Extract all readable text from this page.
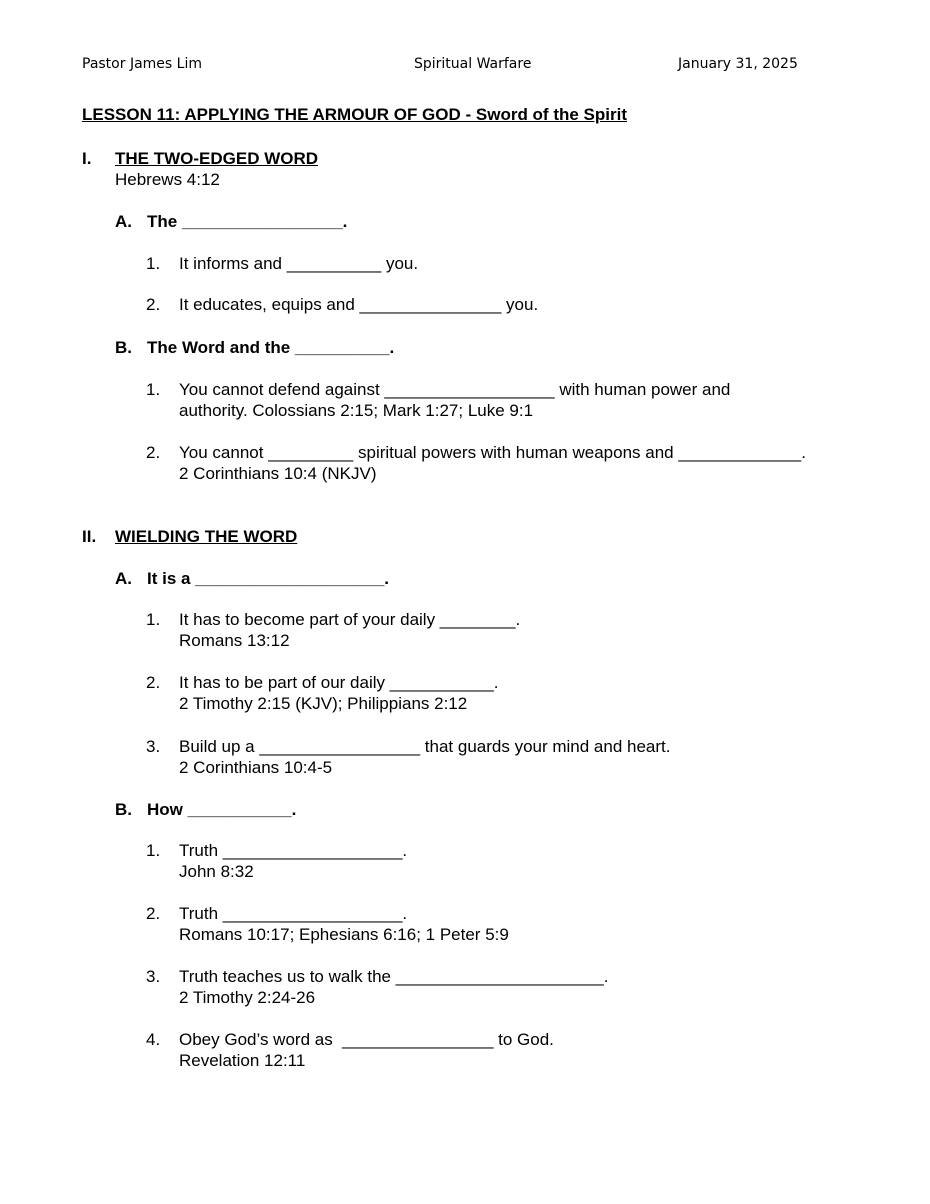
Pastor James Lim	Spiritual Warfare	January 31, 2025
LESSON 11: APPLYING THE ARMOUR OF GOD - Sword of the Spirit
I. THE TWO-EDGED WORD
Hebrews 4:12
A. The _________________.
1. It informs and __________ you.
2. It educates, equips and _______________ you.
B. The Word and the __________.
1. You cannot defend against __________________ with human power and
authority. Colossians 2:15; Mark 1:27; Luke 9:1
2. You cannot _________ spiritual powers with human weapons and _____________.
2 Corinthians 10:4 (NKJV)
II. WIELDING THE WORD
A. It is a ____________________.
1. It has to become part of your daily ________.
Romans 13:12
2. It has to be part of our daily ___________.
2 Timothy 2:15 (KJV); Philippians 2:12
3. Build up a _________________ that guards your mind and heart.
2 Corinthians 10:4-5
B. How ___________.
1. Truth ___________________.
John 8:32
2. Truth ___________________.
Romans 10:17; Ephesians 6:16; 1 Peter 5:9
3. Truth teaches us to walk the ______________________.
2 Timothy 2:24-26
4. Obey God’s word as  ________________ to God.
Revelation 12:11
